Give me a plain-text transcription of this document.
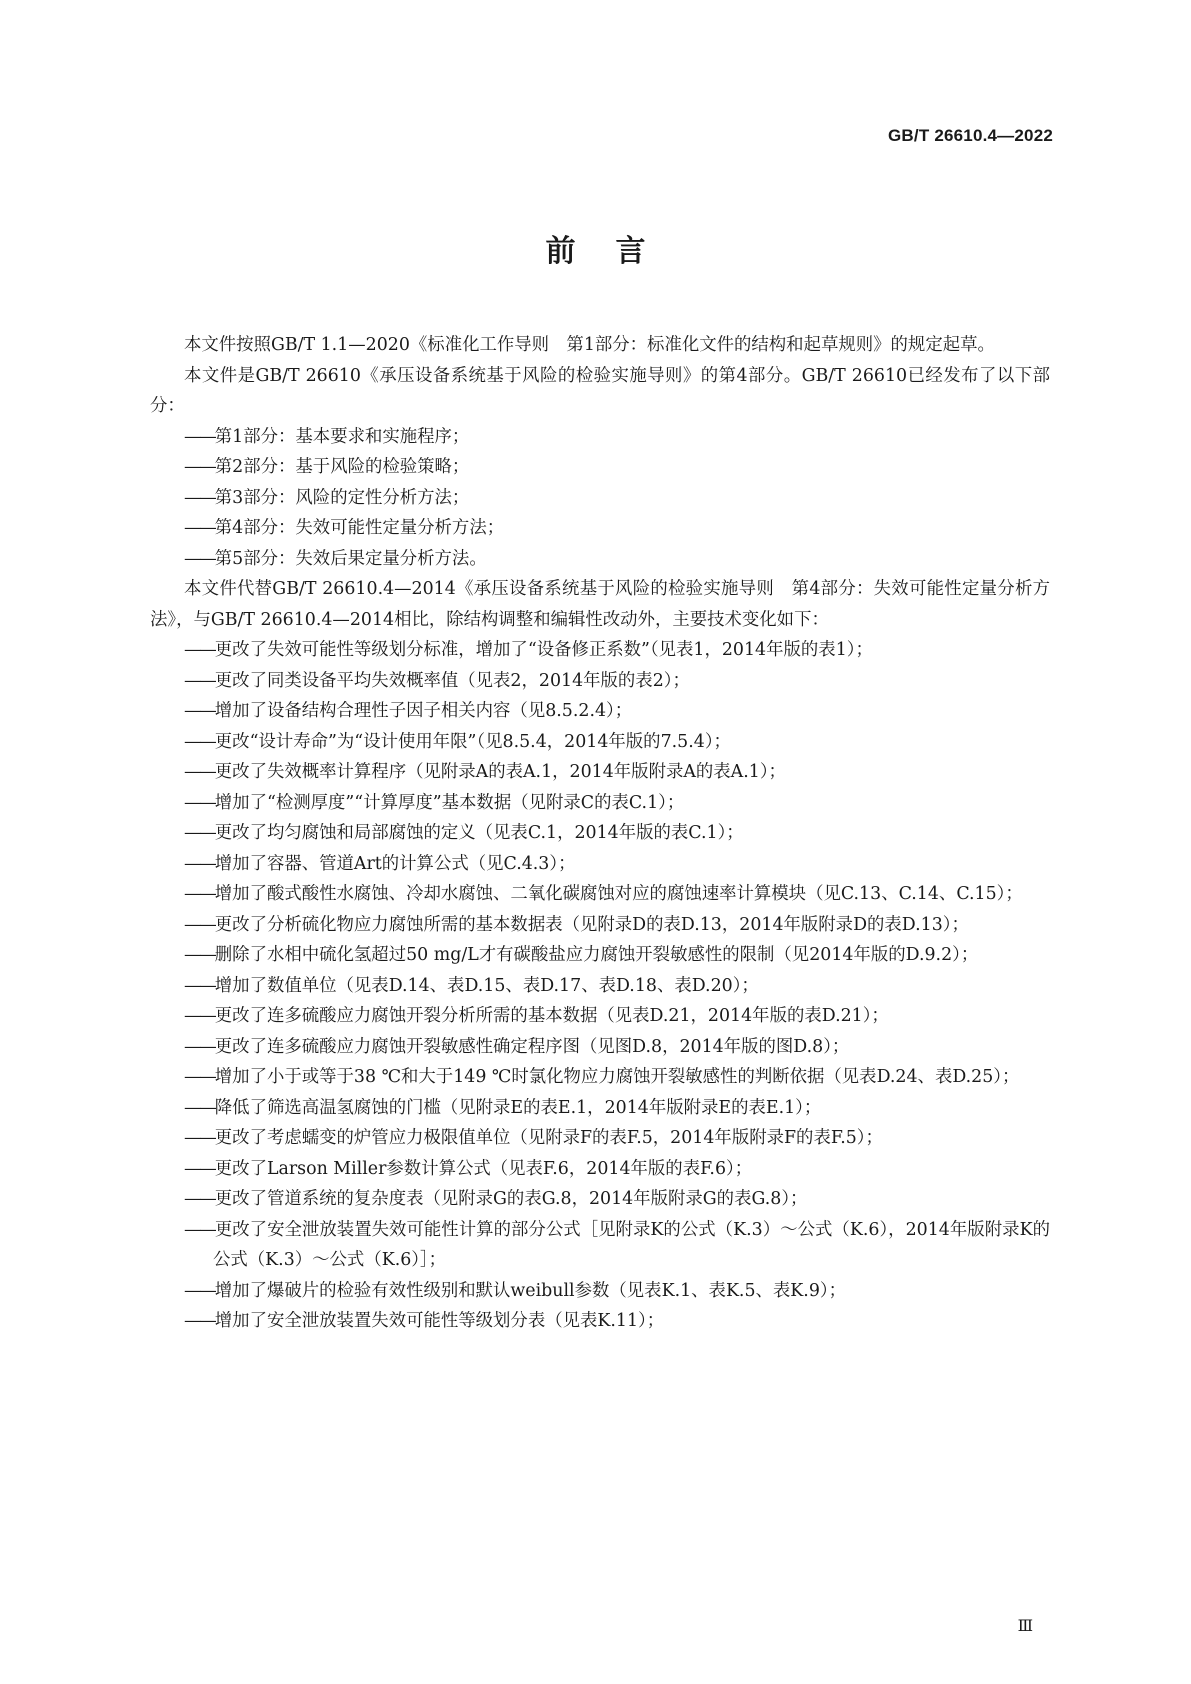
GB/T 26610.4—2022
前言
本文件按照GB/T 1.1—2020《标准化工作导则　第1部分：标准化文件的结构和起草规则》的规定起草。
本文件是GB/T 26610《承压设备系统基于风险的检验实施导则》的第4部分。GB/T 26610已经发布了以下部分：
——第1部分：基本要求和实施程序；
——第2部分：基于风险的检验策略；
——第3部分：风险的定性分析方法；
——第4部分：失效可能性定量分析方法；
——第5部分：失效后果定量分析方法。
本文件代替GB/T 26610.4—2014《承压设备系统基于风险的检验实施导则　第4部分：失效可能性定量分析方法》，与GB/T 26610.4—2014相比，除结构调整和编辑性改动外，主要技术变化如下：
——更改了失效可能性等级划分标准，增加了“设备修正系数”（见表1，2014年版的表1）；
——更改了同类设备平均失效概率值（见表2，2014年版的表2）；
——增加了设备结构合理性子因子相关内容（见8.5.2.4）；
——更改“设计寿命”为“设计使用年限”（见8.5.4，2014年版的7.5.4）；
——更改了失效概率计算程序（见附录A的表A.1，2014年版附录A的表A.1）；
——增加了“检测厚度”“计算厚度”基本数据（见附录C的表C.1）；
——更改了均匀腐蚀和局部腐蚀的定义（见表C.1，2014年版的表C.1）；
——增加了容器、管道Art的计算公式（见C.4.3）；
——增加了酸式酸性水腐蚀、冷却水腐蚀、二氧化碳腐蚀对应的腐蚀速率计算模块（见C.13、C.14、C.15）；
——更改了分析硫化物应力腐蚀所需的基本数据表（见附录D的表D.13，2014年版附录D的表D.13）；
——删除了水相中硫化氢超过50 mg/L才有碳酸盐应力腐蚀开裂敏感性的限制（见2014年版的D.9.2）；
——增加了数值单位（见表D.14、表D.15、表D.17、表D.18、表D.20）；
——更改了连多硫酸应力腐蚀开裂分析所需的基本数据（见表D.21，2014年版的表D.21）；
——更改了连多硫酸应力腐蚀开裂敏感性确定程序图（见图D.8，2014年版的图D.8）；
——增加了小于或等于38 ℃和大于149 ℃时氯化物应力腐蚀开裂敏感性的判断依据（见表D.24、表D.25）；
——降低了筛选高温氢腐蚀的门槛（见附录E的表E.1，2014年版附录E的表E.1）；
——更改了考虑蠕变的炉管应力极限值单位（见附录F的表F.5，2014年版附录F的表F.5）；
——更改了Larson Miller参数计算公式（见表F.6，2014年版的表F.6）；
——更改了管道系统的复杂度表（见附录G的表G.8，2014年版附录G的表G.8）；
——更改了安全泄放装置失效可能性计算的部分公式［见附录K的公式（K.3）～公式（K.6），2014年版附录K的公式（K.3）～公式（K.6）］；
——增加了爆破片的检验有效性级别和默认weibull参数（见表K.1、表K.5、表K.9）；
——增加了安全泄放装置失效可能性等级划分表（见表K.11）；
Ⅲ
